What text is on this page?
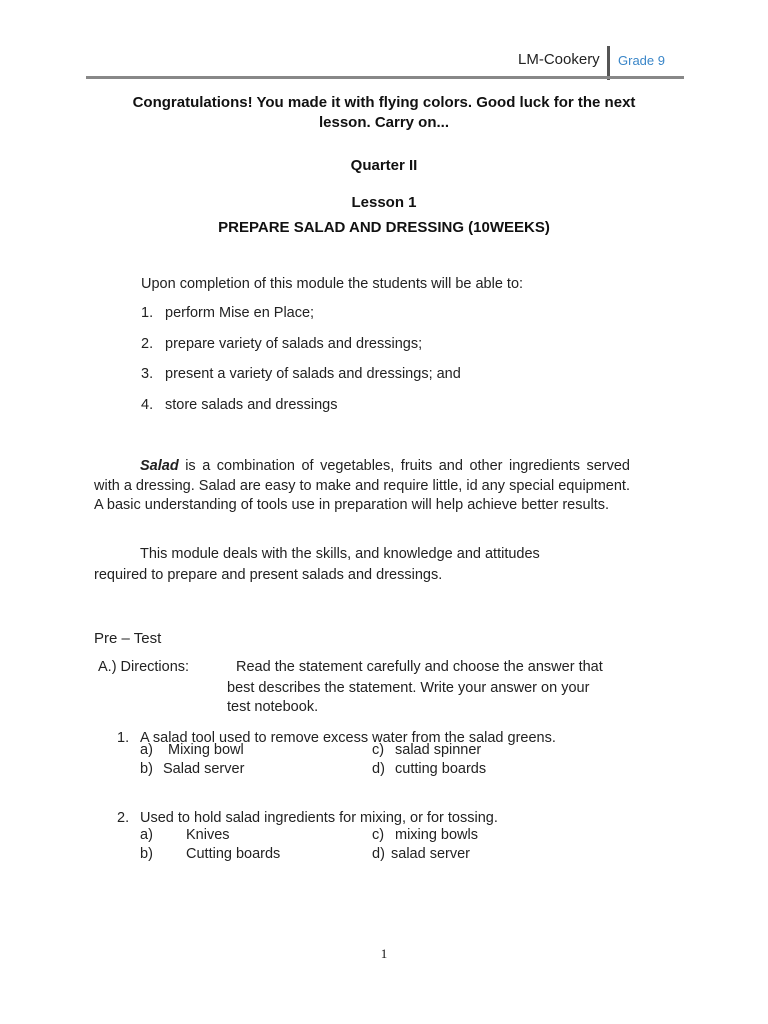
LM-Cookery Grade 9
Congratulations! You made it with flying colors. Good luck for the next
lesson. Carry on...
Quarter II
Lesson 1
PREPARE SALAD AND DRESSING (10WEEKS)
Upon completion of this module the students will be able to:
1. perform Mise en Place;
2. prepare variety of salads and dressings;
3. present a variety of salads and dressings; and
4. store salads and dressings
Salad is a combination of vegetables, fruits and other ingredients served with a dressing. Salad are easy to make and require little, id any special equipment. A basic understanding of tools use in preparation will help achieve better results.
This module deals with the skills, and knowledge and attitudes
required to prepare and present salads and dressings.
Pre – Test
A.) Directions:	Read the statement carefully and choose the answer that
best describes the statement. Write your answer on your
test notebook.
1. A salad tool used to remove excess water from the salad greens.
a) Mixing bowl	c) salad spinner
b) Salad server	d) cutting boards
2. Used to hold salad ingredients for mixing, or for tossing.
a) Knives	c) mixing bowls
b) Cutting boards	d) salad server
1
